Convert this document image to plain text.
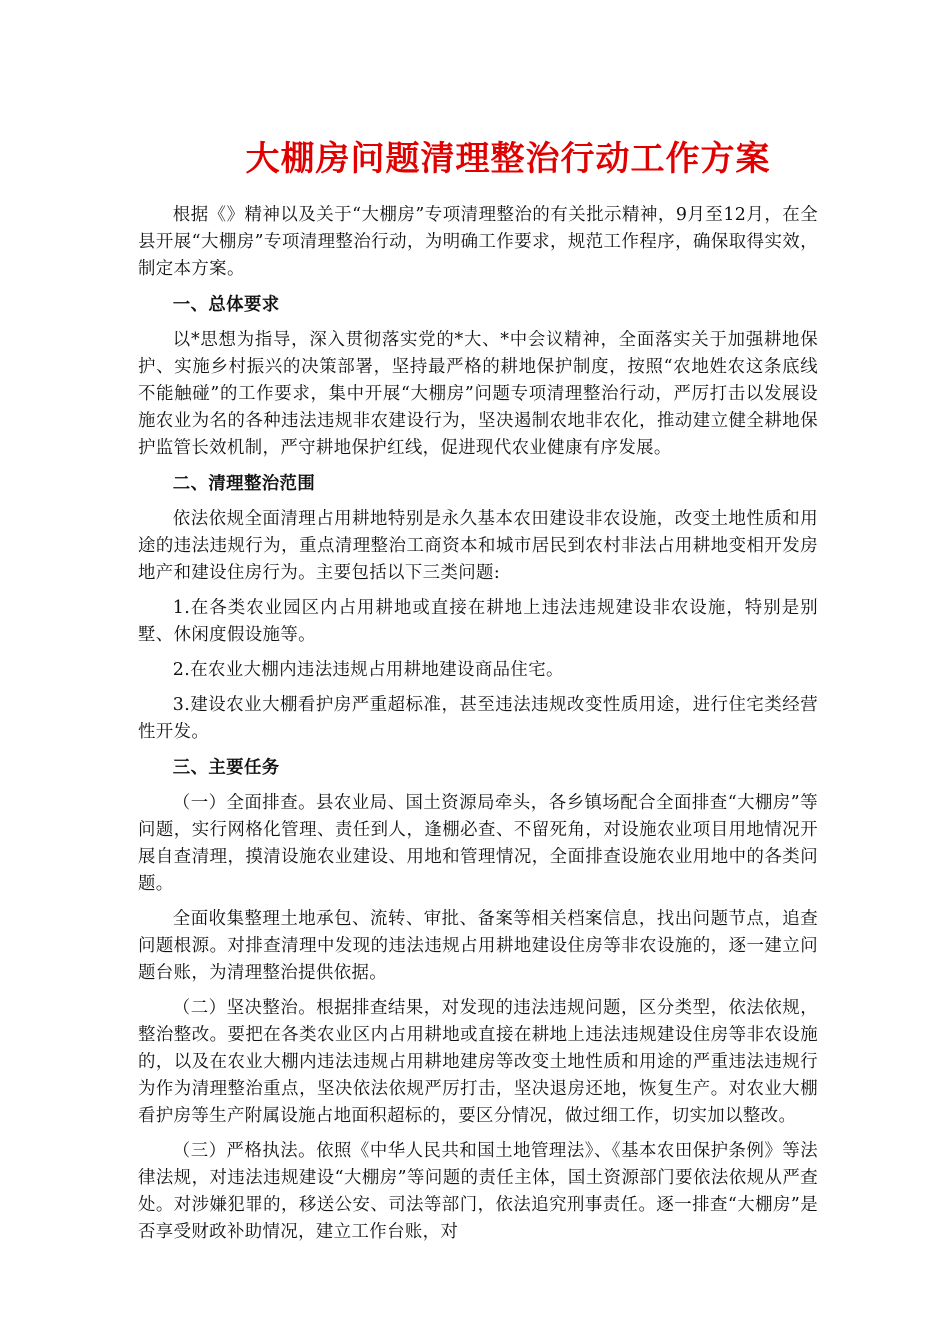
大棚房问题清理整治行动工作方案

根据《》精神以及关于“大棚房”专项清理整治的有关批示精神，9月至12月，在全县开展“大棚房”专项清理整治行动，为明确工作要求，规范工作程序，确保取得实效，制定本方案。

一、总体要求

以*思想为指导，深入贯彻落实党的*大、*中会议精神，全面落实关于加强耕地保护、实施乡村振兴的决策部署，坚持最严格的耕地保护制度，按照“农地姓农这条底线不能触碰”的工作要求，集中开展“大棚房”问题专项清理整治行动，严厉打击以发展设施农业为名的各种违法违规非农建设行为，坚决遏制农地非农化，推动建立健全耕地保护监管长效机制，严守耕地保护红线，促进现代农业健康有序发展。

二、清理整治范围

依法依规全面清理占用耕地特别是永久基本农田建设非农设施，改变土地性质和用途的违法违规行为，重点清理整治工商资本和城市居民到农村非法占用耕地变相开发房地产和建设住房行为。主要包括以下三类问题:

1.在各类农业园区内占用耕地或直接在耕地上违法违规建设非农设施，特别是别墅、休闲度假设施等。

2.在农业大棚内违法违规占用耕地建设商品住宅。

3.建设农业大棚看护房严重超标准，甚至违法违规改变性质用途，进行住宅类经营性开发。

三、主要任务

（一）全面排查。县农业局、国土资源局牵头，各乡镇场配合全面排查“大棚房”等问题，实行网格化管理、责任到人，逢棚必查、不留死角，对设施农业项目用地情况开展自查清理，摸清设施农业建设、用地和管理情况，全面排查设施农业用地中的各类问题。

全面收集整理土地承包、流转、审批、备案等相关档案信息，找出问题节点，追查问题根源。对排查清理中发现的违法违规占用耕地建设住房等非农设施的，逐一建立问题台账，为清理整治提供依据。

（二）坚决整治。根据排查结果，对发现的违法违规问题，区分类型，依法依规，整治整改。要把在各类农业区内占用耕地或直接在耕地上违法违规建设住房等非农设施的，以及在农业大棚内违法违规占用耕地建房等改变土地性质和用途的严重违法违规行为作为清理整治重点，坚决依法依规严厉打击，坚决退房还地，恢复生产。对农业大棚看护房等生产附属设施占地面积超标的，要区分情况，做过细工作，切实加以整改。

（三）严格执法。依照《中华人民共和国土地管理法》、《基本农田保护条例》等法律法规，对违法违规建设“大棚房”等问题的责任主体，国土资源部门要依法依规从严查处。对涉嫌犯罪的，移送公安、司法等部门，依法追究刑事责任。逐一排查“大棚房”是否享受财政补助情况，建立工作台账，对
